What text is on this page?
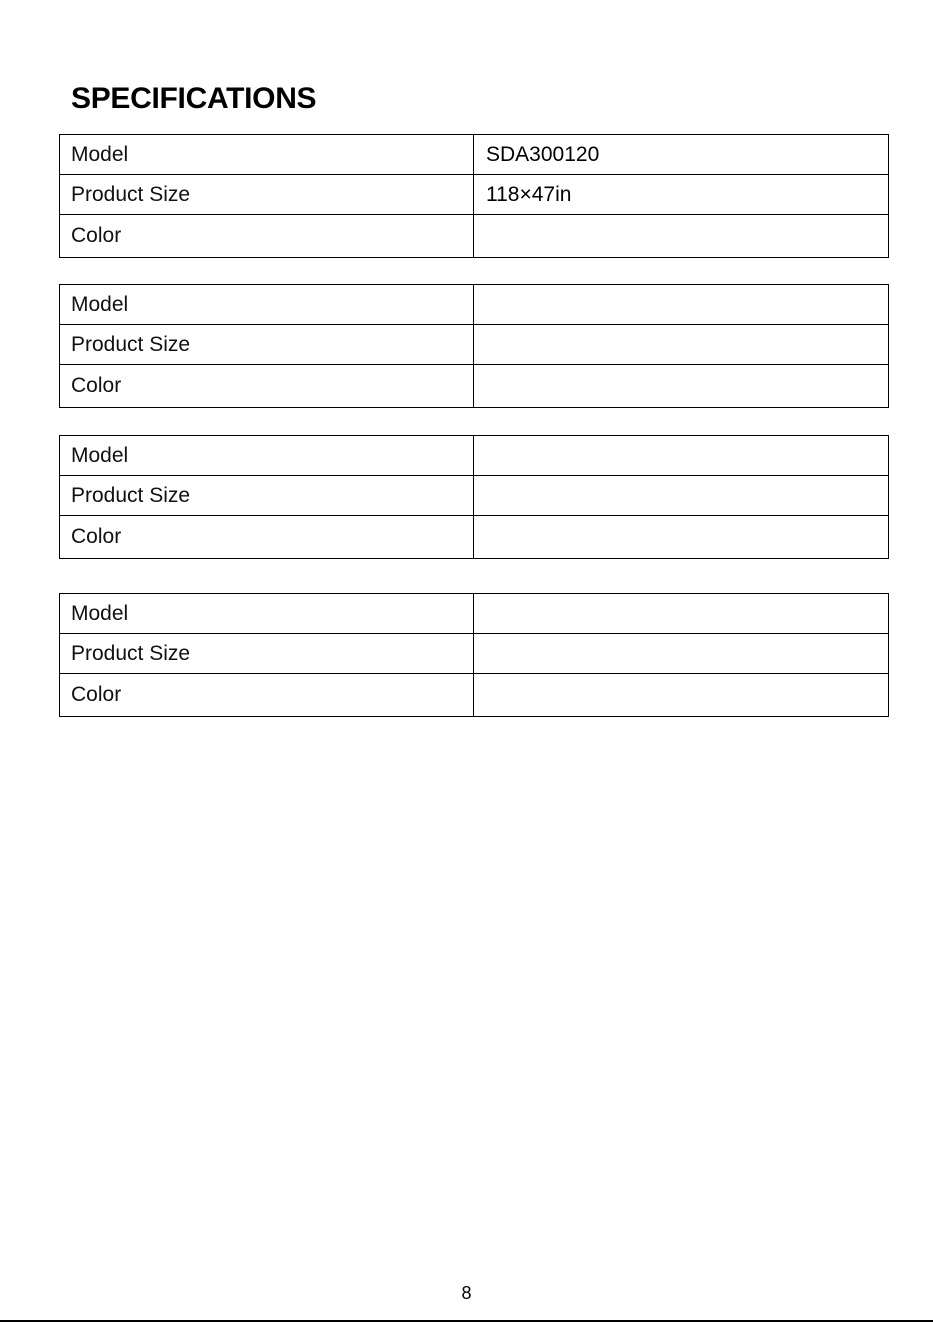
SPECIFICATIONS
Model	SDA300120
Product Size	118×47in
Color	
Model	
Product Size	
Color	
Model	
Product Size	
Color	
Model	
Product Size	
Color	
8
